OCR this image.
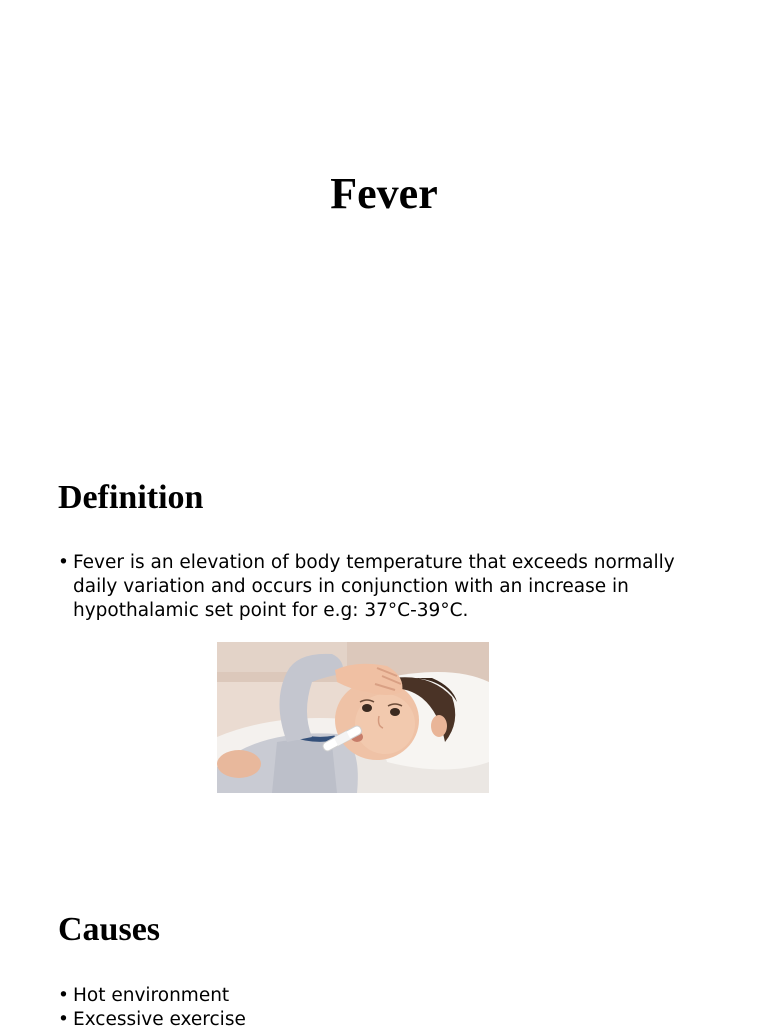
Fever
Definition
• Fever is an elevation of body temperature that exceeds normally daily variation and occurs in conjunction with an increase in hypothalamic set point for e.g: 37°C-39°C.
Causes
• Hot environment
• Excessive exercise
